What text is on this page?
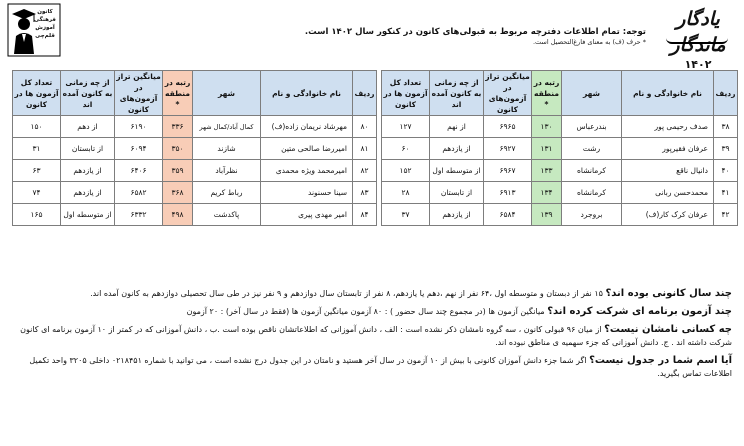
یادگار ماندگار
۱۴۰۲
توجه: تمام اطلاعات دفترچه مربوط به قبولی‌های کانون در کنکور سال ۱۴۰۲ است.
* حرف (ف) به معنای فارغ‌التحصیل است.
کانون فرهنگی آموزش قلم‌چی
ردیف	نام خانوادگی و نام	شهر	رتبه در منطقه *	میانگین تراز در آزمون‌های کانون	از چه زمانی به کانون آمده اند	تعداد کل آزمون ها در کانون
۳۸	صدف رحیمی پور	بندرعباس	۱۳۰	۶۹۶۵	از نهم	۱۲۷
۳۹	عرفان فقیرپور	رشت	۱۳۱	۶۹۲۷	از یازدهم	۶۰
۴۰	دانیال ناقع	کرمانشاه	۱۳۳	۶۹۶۷	از متوسطه اول	۱۵۲
۴۱	محمدحسن ربانی	کرمانشاه	۱۳۴	۶۹۱۳	از تابستان	۲۸
۴۲	عرفان کرک کار(ف)	بروجرد	۱۳۹	۶۵۸۴	از یازدهم	۳۷
ردیف	نام خانوادگی و نام	شهر	رتبه در منطقه *	میانگین تراز در آزمون‌های کانون	از چه زمانی به کانون آمده اند	تعداد کل آزمون ها در کانون
۸۰	مهرشاد نریمان زاده(ف)	کمال آباد/کمال شهر	۳۳۶	۶۱۹۰	از دهم	۱۵۰
۸۱	امیررضا صالحی متین	شازند	۳۵۰	۶۰۹۴	از تابستان	۳۱
۸۲	امیرمحمد ویژه محمدی	نظرآباد	۳۵۹	۶۴۰۶	از یازدهم	۶۳
۸۳	سینا حسنوند	رباط کریم	۳۶۸	۶۵۸۲	از یازدهم	۷۴
۸۴	امیر مهدی پیری	پاکدشت	۴۹۸	۶۳۳۲	از متوسطه اول	۱۶۵

چند سال کانونی بوده اند؟ ۱۵ نفر از دبستان و متوسطه اول ،۶۴ نفر از نهم ،دهم یا یازدهم، ۸ نفر از تابستان سال دوازدهم و ۹ نفر نیز در طی سال تحصیلی دوازدهم به کانون آمده اند.

چند آزمون برنامه ای شرکت کرده اند؟ میانگین آزمون ها (در مجموع چند سال حضور ) : ۸۰ آزمون میانگین آزمون ها (فقط در سال آخر) : ۲۰ آزمون

چه کسانی نامشان نیست؟ از میان ۹۶ قبولی کانون ، سه گروه نامشان ذکر نشده است : الف ، دانش آموزانی که اطلاعاتشان ناقص بوده است .ب ، دانش آموزانی که در کمتر از ۱۰ آزمون برنامه ای کانون شرکت داشته اند . ج. دانش آموزانی که جزء سهمیه ی مناطق نبوده اند.

آیا اسم شما در جدول نیست؟ اگر شما جزء دانش آموزان کانونی با بیش از ۱۰ آزمون در سال آخر هستید و نامتان در این جدول درج نشده است ، می توانید با شماره ۰۲۱۸۴۵۱ داخلی ۳۲۰۵ واحد تکمیل اطلاعات تماس بگیرید.
